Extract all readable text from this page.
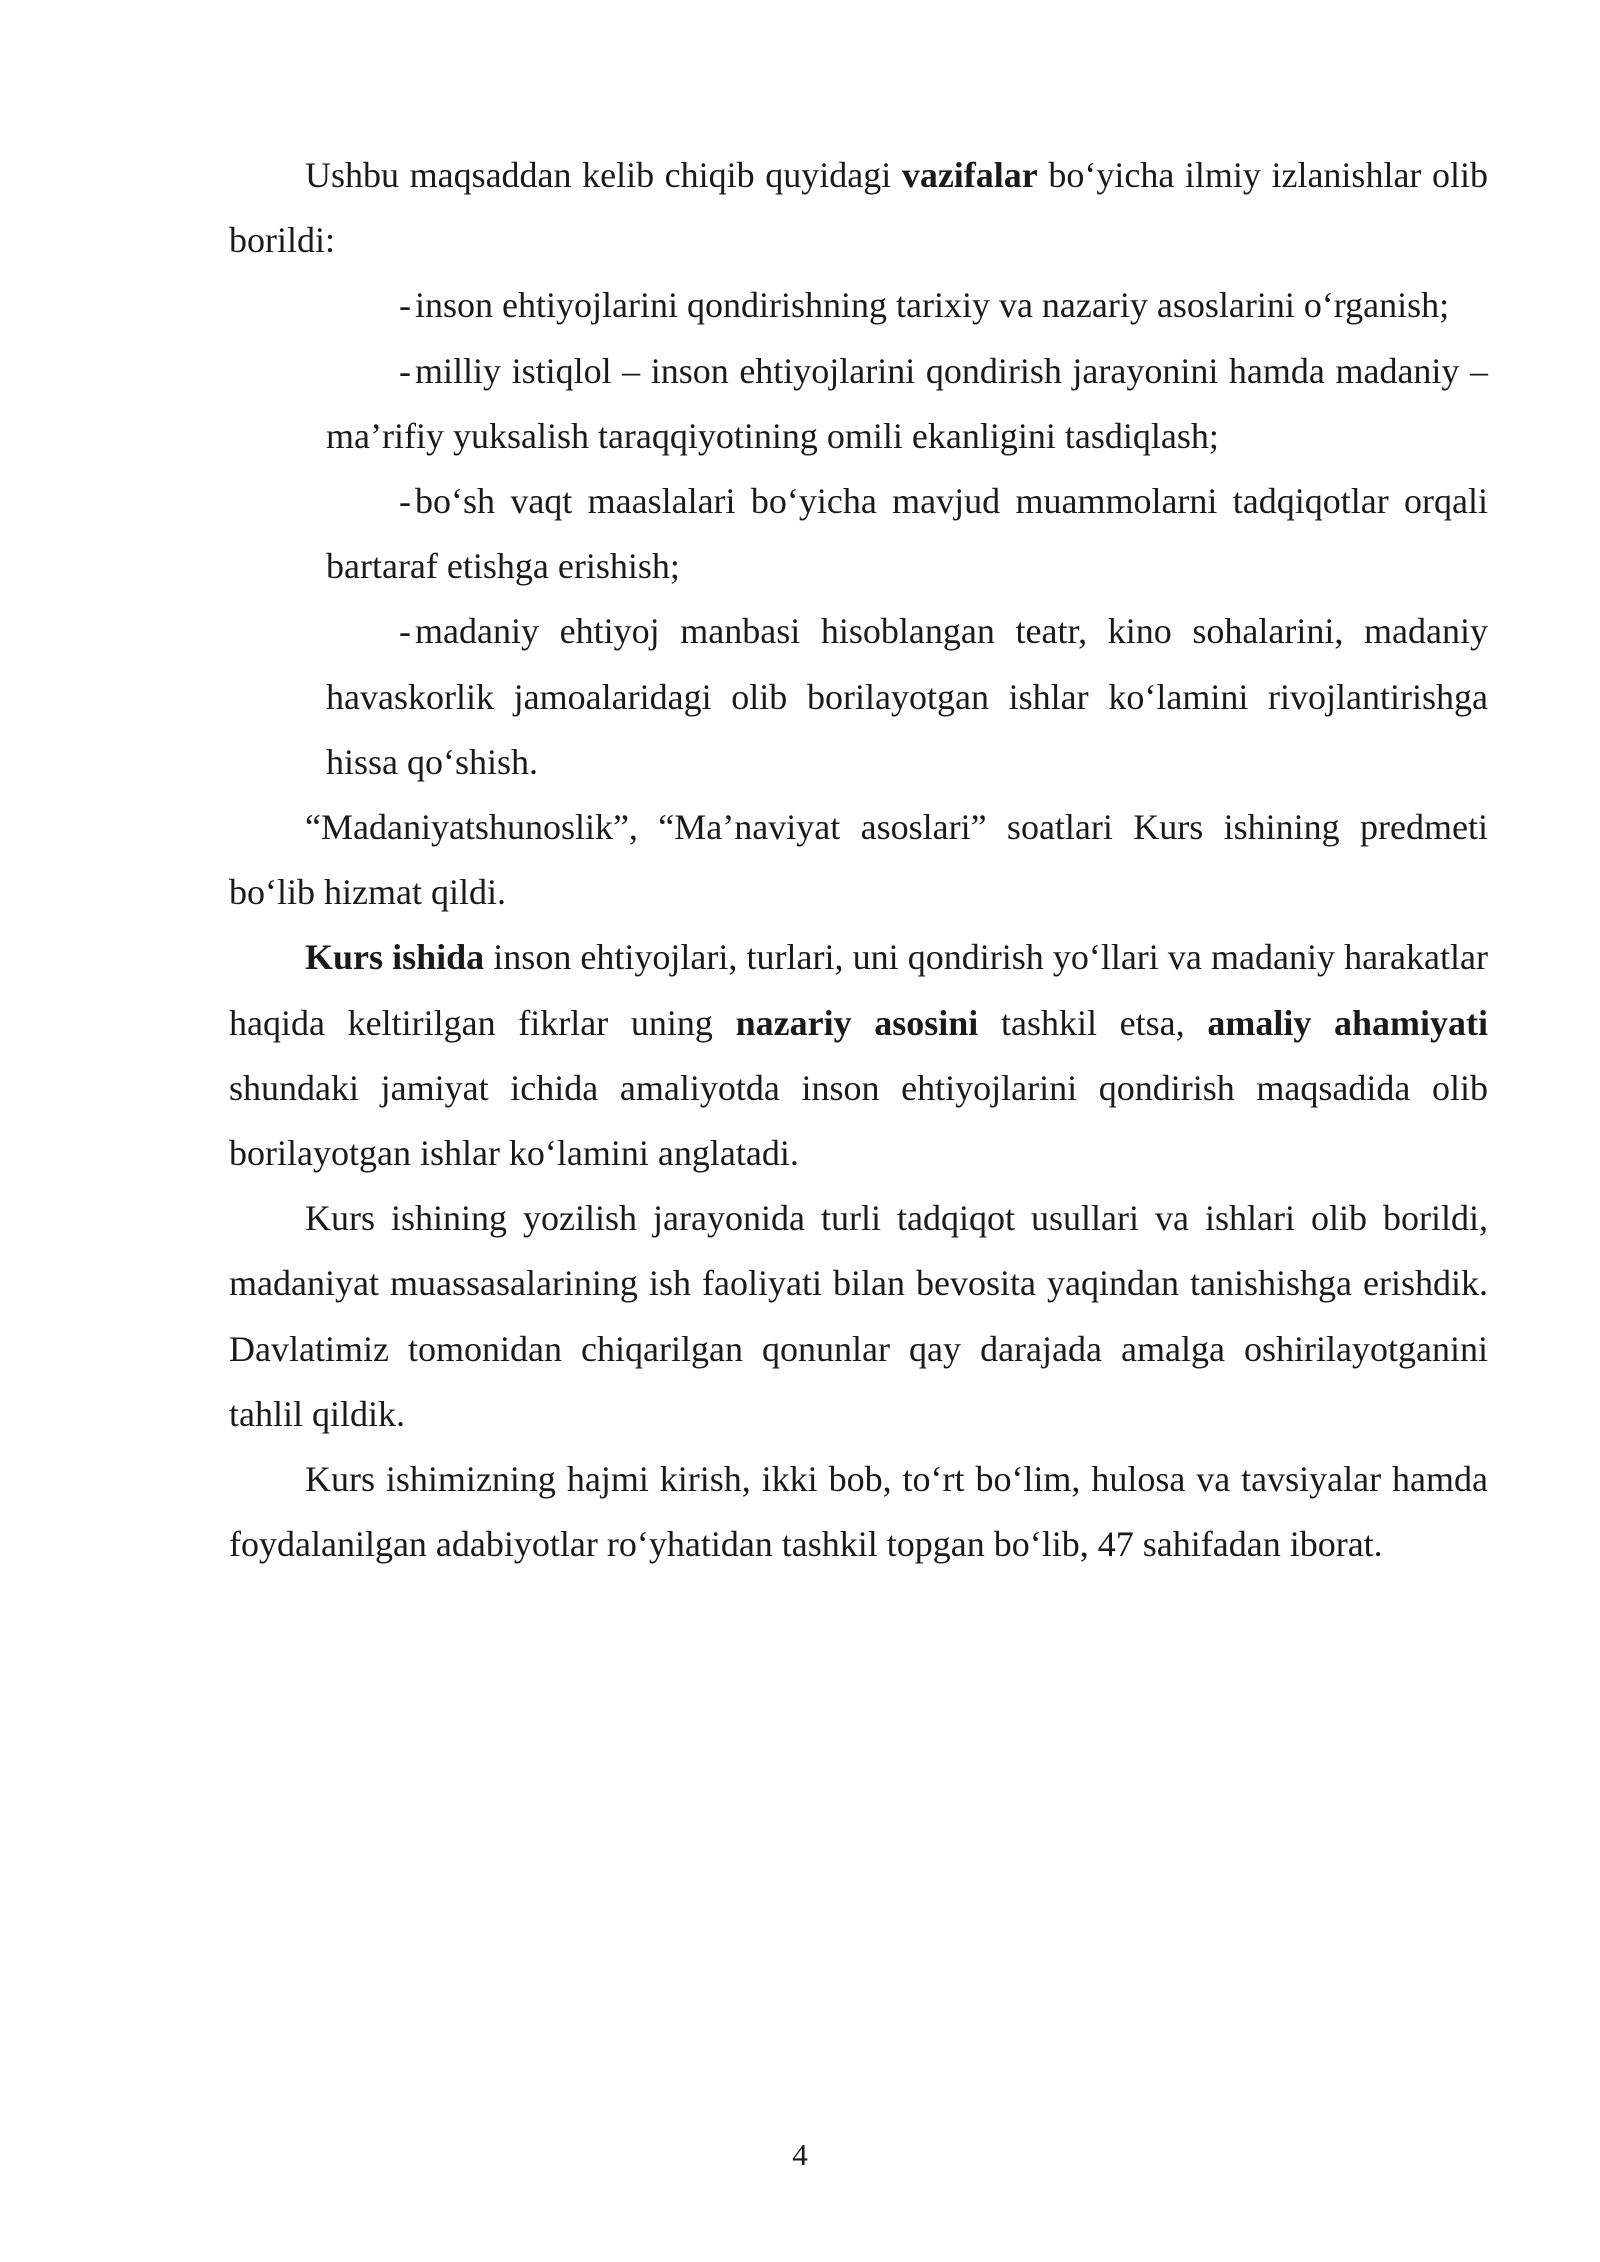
Ushbu maqsaddan kelib chiqib quyidagi vazifalar bo‘yicha ilmiy izlanishlar olib borildi:

- inson ehtiyojlarini qondirishning tarixiy va nazariy asoslarini o‘rganish;

- milliy istiqlol – inson ehtiyojlarini qondirish jarayonini hamda madaniy – ma’rifiy yuksalish taraqqiyotining omili ekanligini tasdiqlash;

- bo‘sh vaqt maaslalari bo‘yicha mavjud muammolarni tadqiqotlar orqali bartaraf etishga erishish;

- madaniy ehtiyoj manbasi hisoblangan teatr, kino sohalarini, madaniy havaskorlik jamoalaridagi olib borilayotgan ishlar ko‘lamini rivojlantirishga hissa qo‘shish.

“Madaniyatshunoslik”, “Ma’naviyat asoslari” soatlari Kurs ishining predmeti bo‘lib hizmat qildi.

Kurs ishida inson ehtiyojlari, turlari, uni qondirish yo‘llari va madaniy harakatlar haqida keltirilgan fikrlar uning nazariy asosini tashkil etsa, amaliy ahamiyati shundaki jamiyat ichida amaliyotda inson ehtiyojlarini qondirish maqsadida olib borilayotgan ishlar ko‘lamini anglatadi.

Kurs ishining yozilish jarayonida turli tadqiqot usullari va ishlari olib borildi, madaniyat muassasalarining ish faoliyati bilan bevosita yaqindan tanishishga erishdik. Davlatimiz tomonidan chiqarilgan qonunlar qay darajada amalga oshirilayotganini tahlil qildik.

Kurs ishimizning hajmi kirish, ikki bob, to‘rt bo‘lim, hulosa va tavsiyalar hamda foydalanilgan adabiyotlar ro‘yhatidan tashkil topgan bo‘lib, 47 sahifadan iborat.

4
